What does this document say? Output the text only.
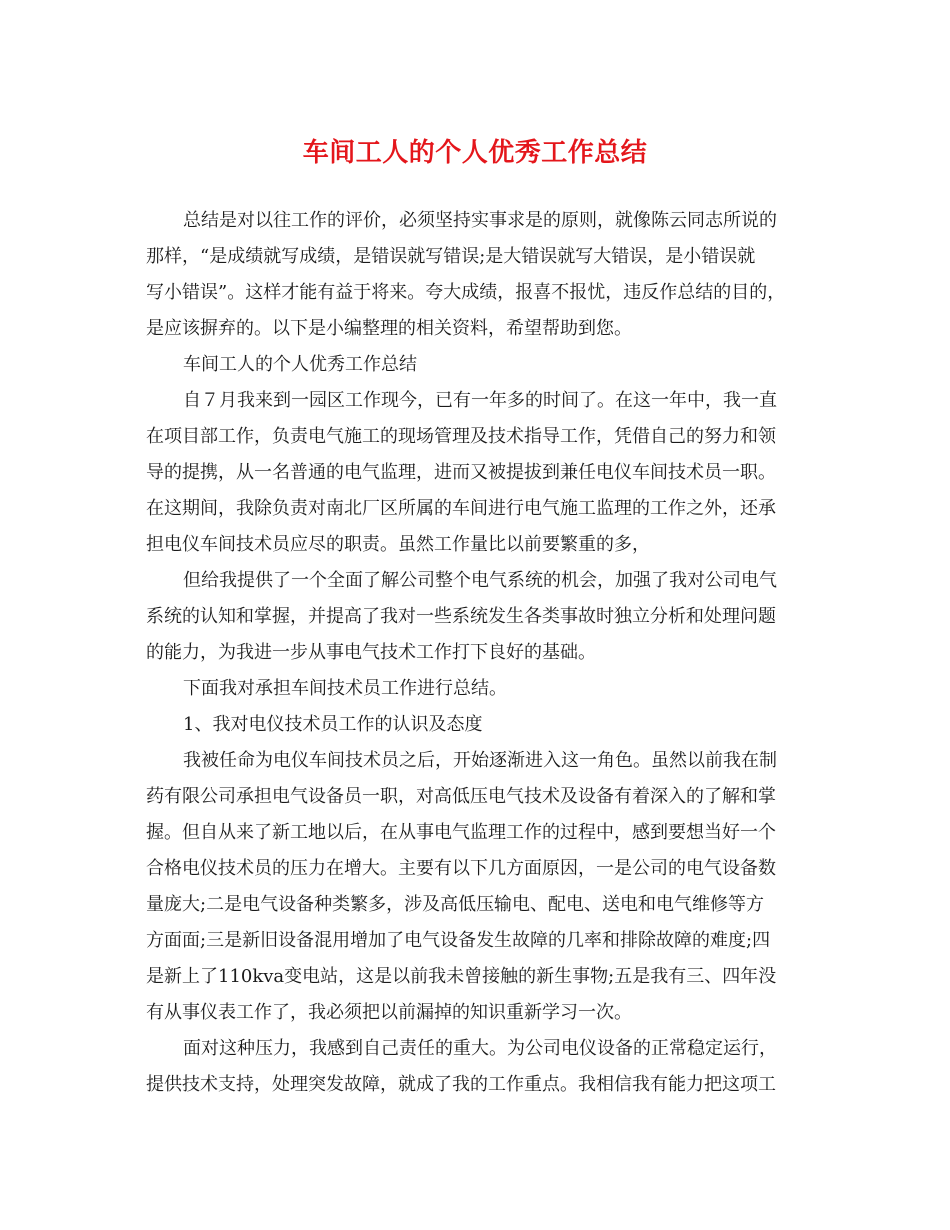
车间工人的个人优秀工作总结
总结是对以往工作的评价，必须坚持实事求是的原则，就像陈云同志所说的
那样，“是成绩就写成绩，是错误就写错误;是大错误就写大错误，是小错误就
写小错误”。这样才能有益于将来。夸大成绩，报喜不报忧，违反作总结的目的，
是应该摒弃的。以下是小编整理的相关资料，希望帮助到您。
车间工人的个人优秀工作总结
自７月我来到一园区工作现今，已有一年多的时间了。在这一年中，我一直
在项目部工作，负责电气施工的现场管理及技术指导工作，凭借自己的努力和领
导的提携，从一名普通的电气监理，进而又被提拔到兼任电仪车间技术员一职。
在这期间，我除负责对南北厂区所属的车间进行电气施工监理的工作之外，还承
担电仪车间技术员应尽的职责。虽然工作量比以前要繁重的多，
但给我提供了一个全面了解公司整个电气系统的机会，加强了我对公司电气
系统的认知和掌握，并提高了我对一些系统发生各类事故时独立分析和处理问题
的能力，为我进一步从事电气技术工作打下良好的基础。
下面我对承担车间技术员工作进行总结。
1、我对电仪技术员工作的认识及态度
我被任命为电仪车间技术员之后，开始逐渐进入这一角色。虽然以前我在制
药有限公司承担电气设备员一职，对高低压电气技术及设备有着深入的了解和掌
握。但自从来了新工地以后，在从事电气监理工作的过程中，感到要想当好一个
合格电仪技术员的压力在增大。主要有以下几方面原因，一是公司的电气设备数
量庞大;二是电气设备种类繁多，涉及高低压输电、配电、送电和电气维修等方
方面面;三是新旧设备混用增加了电气设备发生故障的几率和排除故障的难度;四
是新上了110kva变电站，这是以前我未曾接触的新生事物;五是我有三、四年没
有从事仪表工作了，我必须把以前漏掉的知识重新学习一次。
面对这种压力，我感到自己责任的重大。为公司电仪设备的正常稳定运行，
提供技术支持，处理突发故障，就成了我的工作重点。我相信我有能力把这项工
